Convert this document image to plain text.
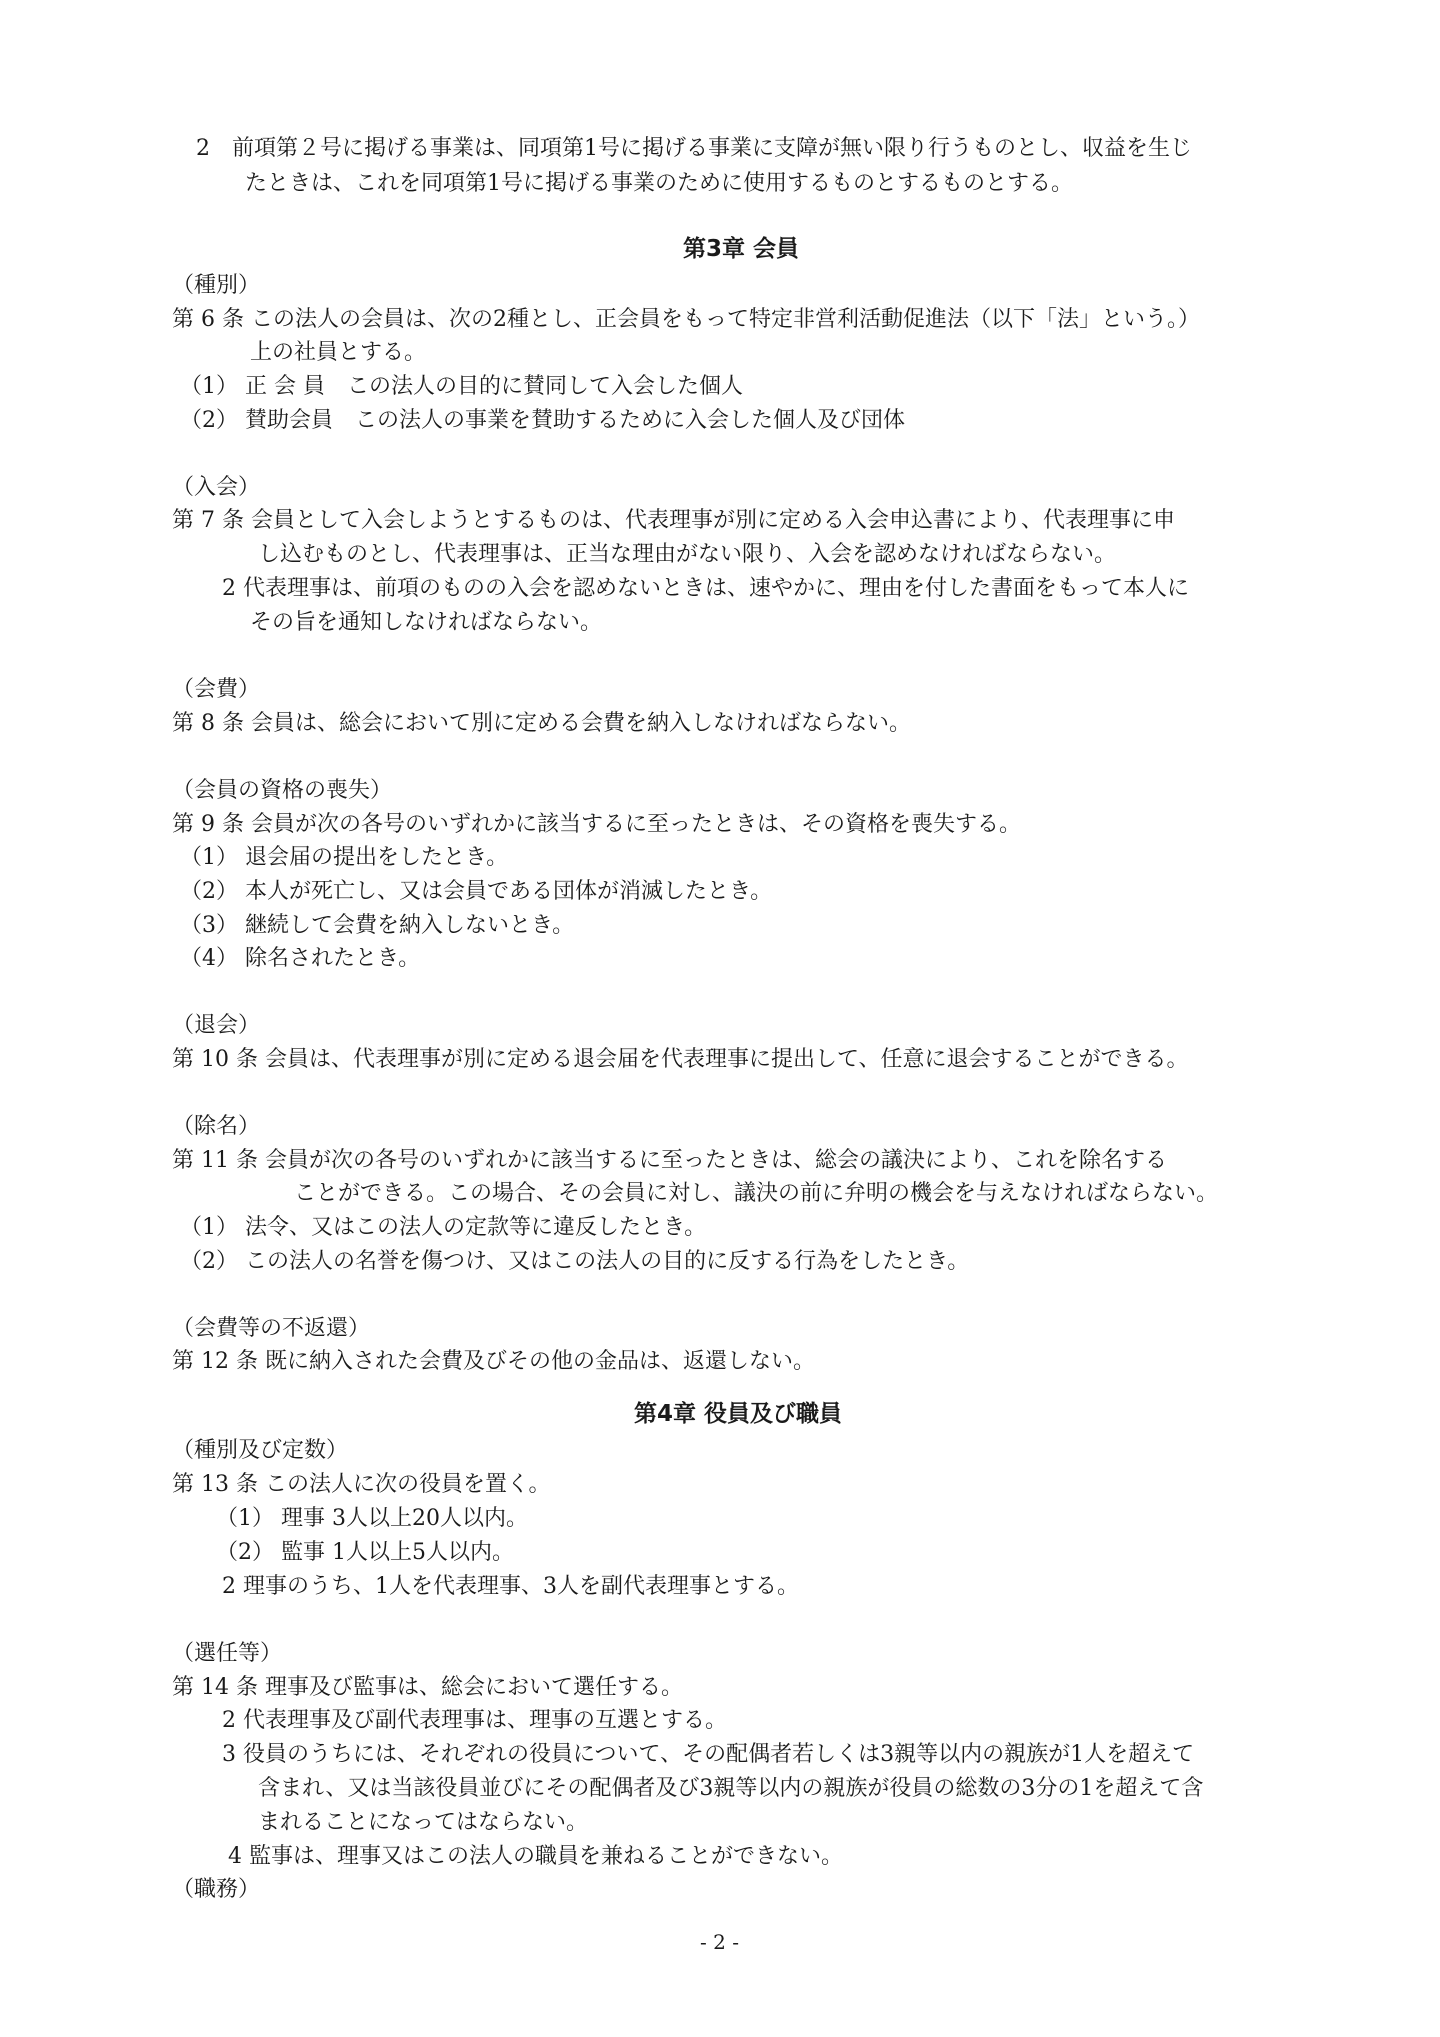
2　前項第２号に掲げる事業は、同項第1号に掲げる事業に支障が無い限り行うものとし、収益を生じ
たときは、これを同項第1号に掲げる事業のために使用するものとするものとする。
第3章 会員
（種別）
第 6 条 この法人の会員は、次の2種とし、正会員をもって特定非営利活動促進法（以下「法」という。）
上の社員とする。
（1） 正 会 員　この法人の目的に賛同して入会した個人
（2） 賛助会員　この法人の事業を賛助するために入会した個人及び団体
（入会）
第 7 条 会員として入会しようとするものは、代表理事が別に定める入会申込書により、代表理事に申
し込むものとし、代表理事は、正当な理由がない限り、入会を認めなければならない。
2 代表理事は、前項のものの入会を認めないときは、速やかに、理由を付した書面をもって本人に
その旨を通知しなければならない。
（会費）
第 8 条 会員は、総会において別に定める会費を納入しなければならない。
（会員の資格の喪失）
第 9 条 会員が次の各号のいずれかに該当するに至ったときは、その資格を喪失する。
（1） 退会届の提出をしたとき。
（2） 本人が死亡し、又は会員である団体が消滅したとき。
（3） 継続して会費を納入しないとき。
（4） 除名されたとき。
（退会）
第 10 条 会員は、代表理事が別に定める退会届を代表理事に提出して、任意に退会することができる。
（除名）
第 11 条 会員が次の各号のいずれかに該当するに至ったときは、総会の議決により、これを除名する
ことができる。この場合、その会員に対し、議決の前に弁明の機会を与えなければならない。
（1） 法令、又はこの法人の定款等に違反したとき。
（2） この法人の名誉を傷つけ、又はこの法人の目的に反する行為をしたとき。
（会費等の不返還）
第 12 条 既に納入された会費及びその他の金品は、返還しない。
第4章 役員及び職員
（種別及び定数）
第 13 条 この法人に次の役員を置く。
（1） 理事 3人以上20人以内。
（2） 監事 1人以上5人以内。
2 理事のうち、1人を代表理事、3人を副代表理事とする。
（選任等）
第 14 条 理事及び監事は、総会において選任する。
2 代表理事及び副代表理事は、理事の互選とする。
3 役員のうちには、それぞれの役員について、その配偶者若しくは3親等以内の親族が1人を超えて
含まれ、又は当該役員並びにその配偶者及び3親等以内の親族が役員の総数の3分の1を超えて含
まれることになってはならない。
4 監事は、理事又はこの法人の職員を兼ねることができない。
（職務）
- 2 -
